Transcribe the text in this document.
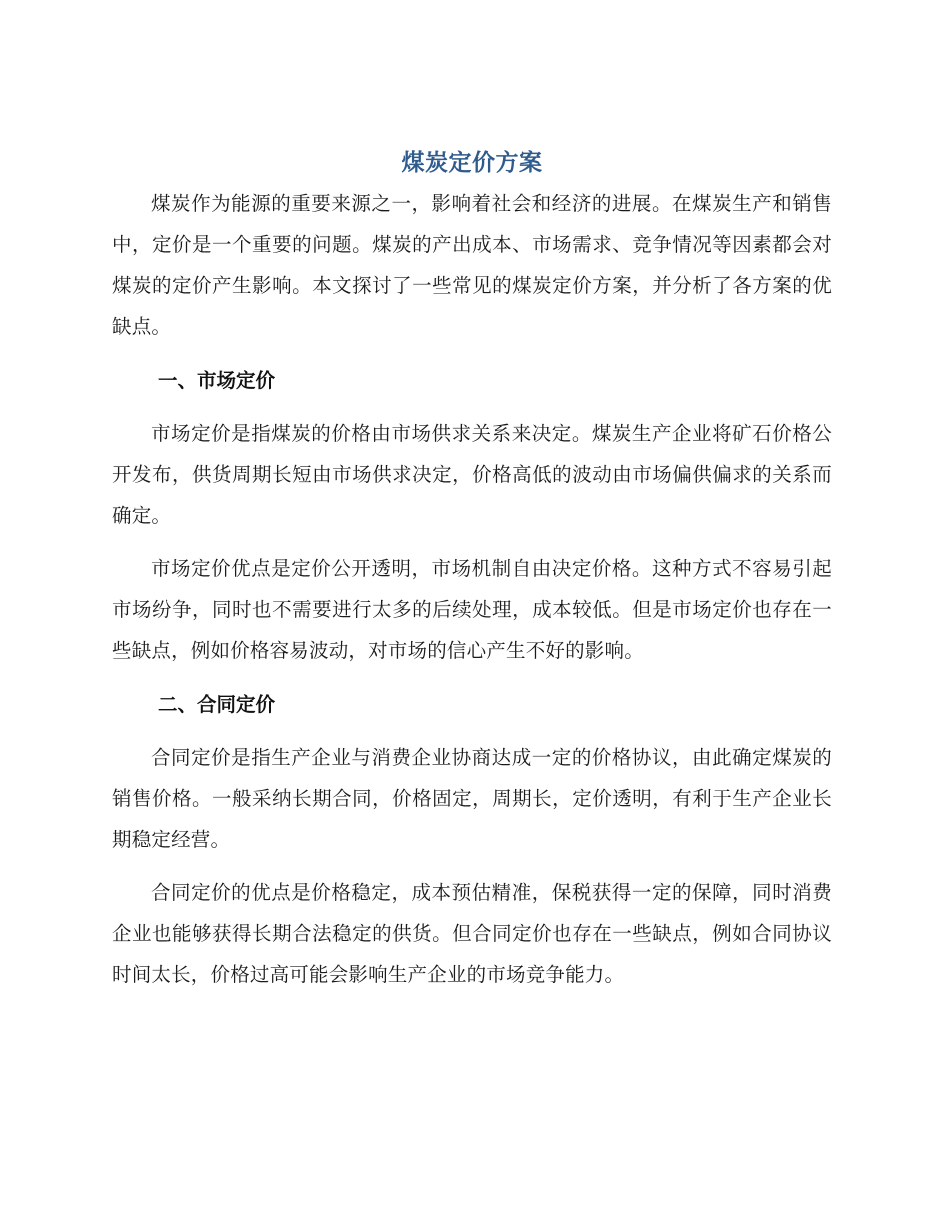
煤炭定价方案

煤炭作为能源的重要来源之一，影响着社会和经济的进展。在煤炭生产和销售中，定价是一个重要的问题。煤炭的产出成本、市场需求、竞争情况等因素都会对煤炭的定价产生影响。本文探讨了一些常见的煤炭定价方案，并分析了各方案的优缺点。

一、市场定价

市场定价是指煤炭的价格由市场供求关系来决定。煤炭生产企业将矿石价格公开发布，供货周期长短由市场供求决定，价格高低的波动由市场偏供偏求的关系而确定。

市场定价优点是定价公开透明，市场机制自由决定价格。这种方式不容易引起市场纷争，同时也不需要进行太多的后续处理，成本较低。但是市场定价也存在一些缺点，例如价格容易波动，对市场的信心产生不好的影响。

二、合同定价

合同定价是指生产企业与消费企业协商达成一定的价格协议，由此确定煤炭的销售价格。一般采纳长期合同，价格固定，周期长，定价透明，有利于生产企业长期稳定经营。

合同定价的优点是价格稳定，成本预估精准，保税获得一定的保障，同时消费企业也能够获得长期合法稳定的供货。但合同定价也存在一些缺点，例如合同协议时间太长，价格过高可能会影响生产企业的市场竞争能力。
